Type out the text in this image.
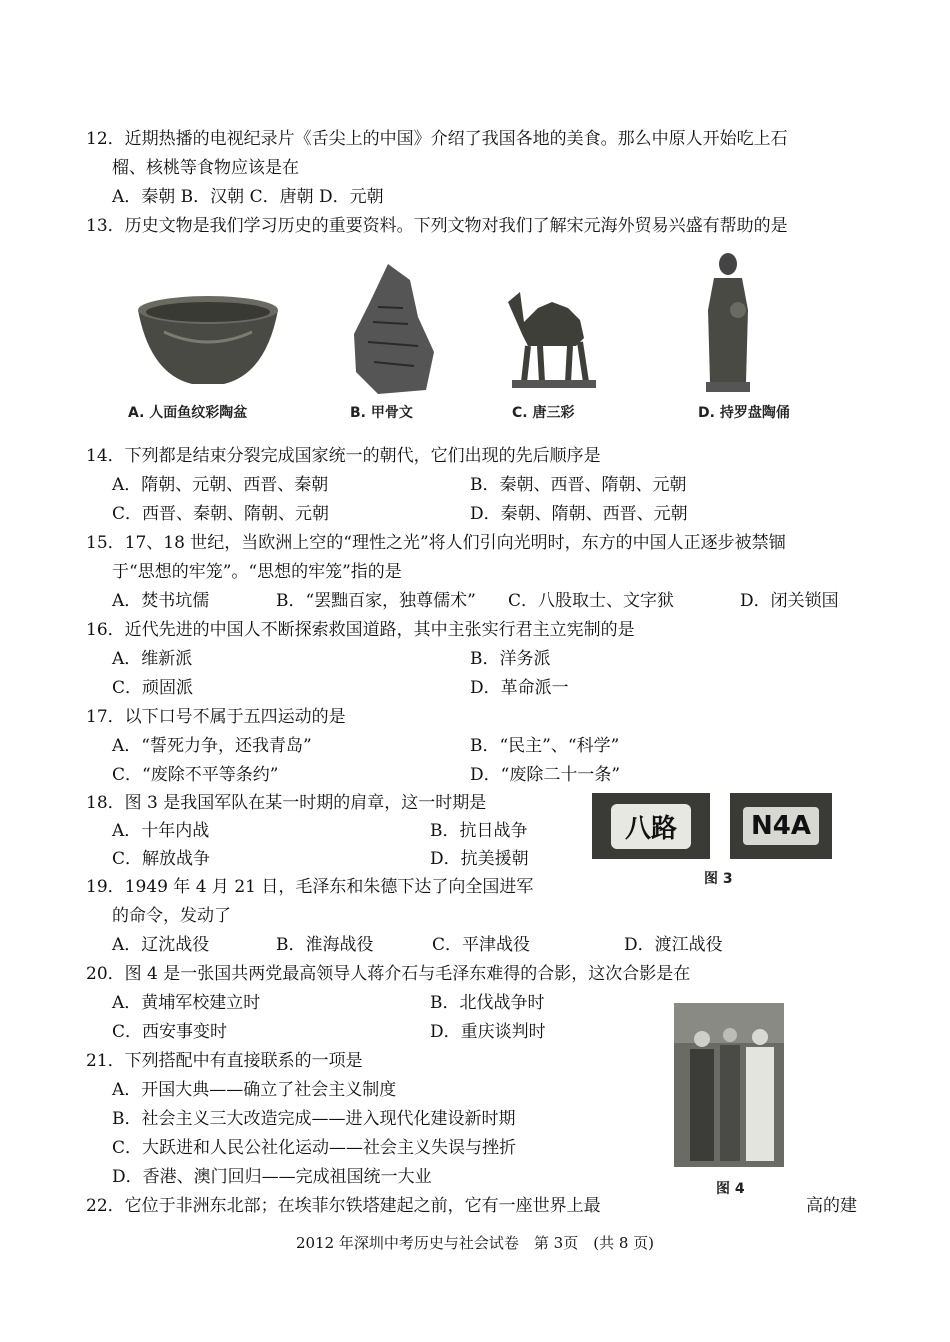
12．近期热播的电视纪录片《舌尖上的中国》介绍了我国各地的美食。那么中原人开始吃上石
榴、核桃等食物应该是在
A．秦朝 B．汉朝 C．唐朝 D．元朝
13．历史文物是我们学习历史的重要资料。下列文物对我们了解宋元海外贸易兴盛有帮助的是
A. 人面鱼纹彩陶盆	B. 甲骨文	C. 唐三彩	D. 持罗盘陶俑
14．下列都是结束分裂完成国家统一的朝代，它们出现的先后顺序是
A．隋朝、元朝、西晋、秦朝	B．秦朝、西晋、隋朝、元朝
C．西晋、秦朝、隋朝、元朝	D．秦朝、隋朝、西晋、元朝
15．17、18 世纪，当欧洲上空的“理性之光”将人们引向光明时，东方的中国人正逐步被禁锢
于“思想的牢笼”。“思想的牢笼”指的是
A．焚书坑儒	B．“罢黜百家，独尊儒术” C．八股取士、文字狱	D．闭关锁国
16．近代先进的中国人不断探索救国道路，其中主张实行君主立宪制的是
A．维新派	B．洋务派
C．顽固派	D．革命派一
17．以下口号不属于五四运动的是
A．“誓死力争，还我青岛”	B．“民主”、“科学”
C．“废除不平等条约”	D．“废除二十一条”
18．图 3 是我国军队在某一时期的肩章，这一时期是
A．十年内战	B．抗日战争
C．解放战争	D．抗美援朝
八路	N4A
图 3
19．1949 年 4 月 21 日，毛泽东和朱德下达了向全国进军
的命令，发动了
A．辽沈战役	B．淮海战役	C．平津战役	D．渡江战役
20．图 4 是一张国共两党最高领导人蒋介石与毛泽东难得的合影，这次合影是在
A．黄埔军校建立时	B．北伐战争时
C．西安事变时	D．重庆谈判时
图 4
21．下列搭配中有直接联系的一项是
A．开国大典——确立了社会主义制度
B．社会主义三大改造完成——进入现代化建设新时期
C．大跃进和人民公社化运动——社会主义失误与挫折
D．香港、澳门回归——完成祖国统一大业
22．它位于非洲东北部；在埃菲尔铁塔建起之前，它有一座世界上最	高的建
2012 年深圳中考历史与社会试卷　第 3页　(共 8 页)
